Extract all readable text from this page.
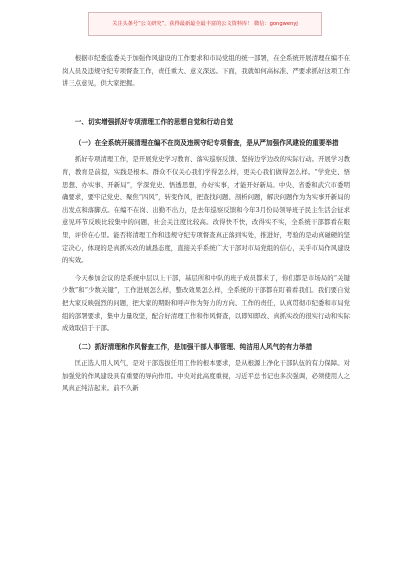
关注头条号“公文研究”，获得最新最全最丰富的公文资料库！ 微信：gongwenyj

根据市纪委监委关于加强作风建设的工作要求和市局党组的统一部署，在全系统开展清理在编不在岗人员及违规守纪专项督查工作，责任重大、意义深远。下面，我就如何高标准、严要求抓好这项工作讲三点意见，供大家把握。

一、切实增强抓好专项清理工作的思想自觉和行动自觉
（一）在全系统开展清理在编不在岗及违规守纪专项督查，是从严加强作风建设的重要举措

抓好专项清理工作，是开展党史学习教育、落实巡察反馈、坚持边学边改的实际行动。开展学习教育，教育是前提，实践是根本。群众不仅关心我们学得怎么样，更关心我们做得怎么样。“学党史、悟思想、办实事、开新局”，学深党史、悟透思想，办好实事，才能开好新局。中央、省委和武穴市委明确要求，要牢记党史、聚焦“四风”，转变作风，把查找问题、剖析问题，解决问题作为为实事开新局的出发点和落脚点。在编不在岗、出勤不出力，是去年巡察反馈和今年3月份局领导班子民主生活会征求意见环节反映比较集中的问题，社会关注度比较高。改得快不快，改得实不实，全系统干部都看在眼里，评价在心里。能否将清理工作和违规守纪专项督查真正落到实处，推进好，考验的是动真碰硬的坚定决心，体现的是真抓实改的诚恳态度，直接关乎系统广大干部对市局党组的信心，关乎市局作风建设的实效。

今天参加会议的是系统中层以上干部，基层所和中队的班子成员都来了，你们都是市场局的“关键少数”和“少数关键”，工作进展怎么样，整改效果怎么样，全系统的干部都在盯着看我们。我们要自觉把大家反映强烈的问题，把大家的期盼和呼声作为努力的方向、工作的责任，认真贯彻市纪委和市局党组的部署要求，集中力量攻坚，配合好清理工作和作风督查，以即知即改、真抓实改的很实行动和实际成效取信于干部。

（二）抓好清理和作风督查工作，是加强干部人事管理、纯洁用人风气的有力举措

匡正选人用人风气，是对干部选拔任用工作的根本要求，是从根源上净化干部队伍的有力保障。对加强党的作风建设具有重要的导向作用。中央对此高度重视，习近平总书记也多次强调，必须使用人之风真正纯洁起来。前不久新
